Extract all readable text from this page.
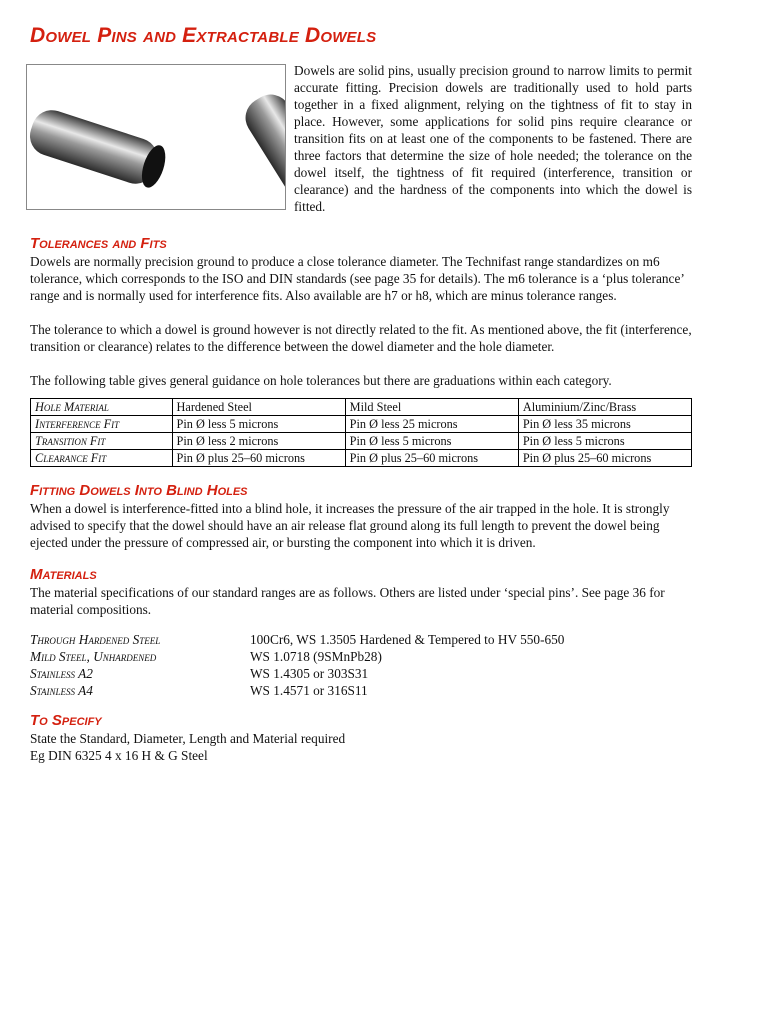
Dowel Pins and Extractable Dowels

Dowels are solid pins, usually precision ground to narrow limits to permit accurate fitting. Precision dowels are traditionally used to hold parts together in a fixed alignment, relying on the tightness of fit to stay in place. However, some applications for solid pins require clearance or transition fits on at least one of the components to be fastened. There are three factors that determine the size of hole needed; the tolerance on the dowel itself, the tightness of fit required (interference, transition or clearance) and the hardness of the components into which the dowel is fitted.

Tolerances and Fits

Dowels are normally precision ground to produce a close tolerance diameter. The Technifast range standardizes on m6 tolerance, which corresponds to the ISO and DIN standards (see page 35 for details). The m6 tolerance is a ‘plus tolerance’ range and is normally used for interference fits. Also available are h7 or h8, which are minus tolerance ranges.

The tolerance to which a dowel is ground however is not directly related to the fit. As mentioned above, the fit (interference, transition or clearance) relates to the difference between the dowel diameter and the hole diameter.

The following table gives general guidance on hole tolerances but there are graduations within each category.

Hole Material	Hardened Steel	Mild Steel	Aluminium/Zinc/Brass
Interference Fit	Pin Ø less 5 microns	Pin Ø less 25 microns	Pin Ø less 35 microns
Transition Fit	Pin Ø less 2 microns	Pin Ø less 5 microns	Pin Ø less 5 microns
Clearance Fit	Pin Ø plus 25–60 microns	Pin Ø plus 25–60 microns	Pin Ø plus 25–60 microns
Fitting Dowels Into Blind Holes

When a dowel is interference-fitted into a blind hole, it increases the pressure of the air trapped in the hole. It is strongly advised to specify that the dowel should have an air release flat ground along its full length to prevent the dowel being ejected under the pressure of compressed air, or bursting the component into which it is driven.

Materials

The material specifications of our standard ranges are as follows. Others are listed under ‘special pins’. See page 36 for material compositions.

Through Hardened Steel	100Cr6, WS 1.3505 Hardened & Tempered to HV 550-650
Mild Steel, Unhardened	WS 1.0718 (9SMnPb28)
Stainless A2	WS 1.4305 or 303S31
Stainless A4	WS 1.4571 or 316S11
To Specify

State the Standard, Diameter, Length and Material required

Eg DIN 6325 4 x 16 H & G Steel
